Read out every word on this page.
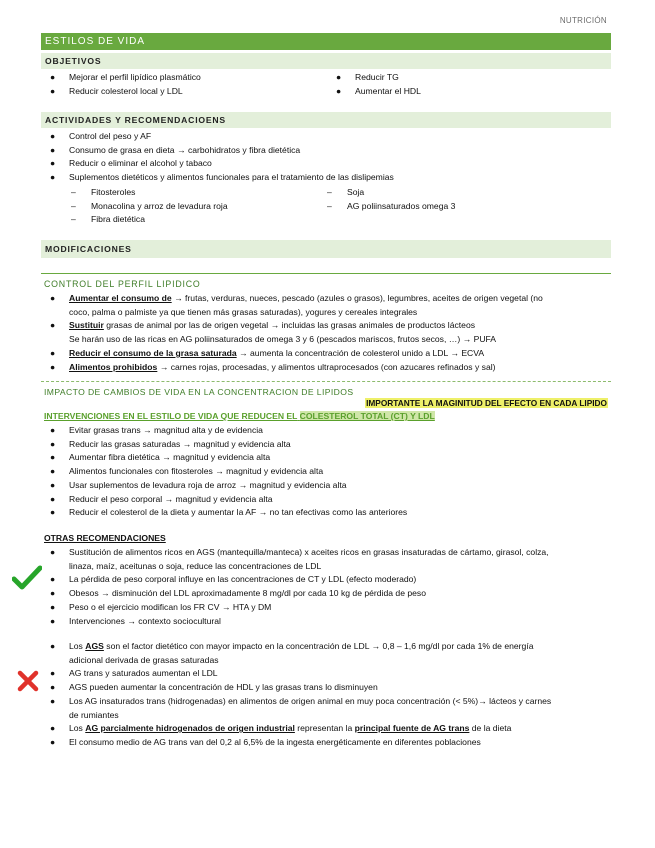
NUTRICIÓN
ESTILOS DE VIDA
OBJETIVOS
● Mejorar el perfil lipídico plasmático
● Reducir colesterol local y LDL
● Reducir TG
● Aumentar el HDL
ACTIVIDADES Y RECOMENDACIOENS
● Control del peso y AF
● Consumo de grasa en dieta → carbohidratos y fibra dietética
● Reducir o eliminar el alcohol y tabaco
● Suplementos dietéticos y alimentos funcionales para el tratamiento de las dislipemias
– Fitosteroles
– Monacolina y arroz de levadura roja
– Fibra dietética
– Soja
– AG poliinsaturados omega 3
MODIFICACIONES
CONTROL DEL PERFIL LIPIDICO
● Aumentar el consumo de → frutas, verduras, nueces, pescado (azules o grasos), legumbres, aceites de origen vegetal (no
coco, palma o palmiste ya que tienen más grasas saturadas), yogures y cereales integrales
● Sustituir grasas de animal por las de origen vegetal → incluidas las grasas animales de productos lácteos
Se harán uso de las ricas en AG poliinsaturados de omega 3 y 6 (pescados mariscos, frutos secos, …) → PUFA
● Reducir el consumo de la grasa saturada → aumenta la concentración de colesterol unido a LDL → ECVA
● Alimentos prohibidos → carnes rojas, procesadas, y alimentos ultraprocesados (con azucares refinados y sal)
IMPACTO DE CAMBIOS DE VIDA EN LA CONCENTRACION DE LIPIDOS
IMPORTANTE LA MAGINITUD DEL EFECTO EN CADA LIPIDO
INTERVENCIONES EN EL ESTILO DE VIDA QUE REDUCEN EL COLESTEROL TOTAL (CT) Y LDL
● Evitar grasas trans → magnitud alta y de evidencia
● Reducir las grasas saturadas → magnitud y evidencia alta
● Aumentar fibra dietética → magnitud y evidencia alta
● Alimentos funcionales con fitosteroles → magnitud y evidencia alta
● Usar suplementos de levadura roja de arroz → magnitud y evidencia alta
● Reducir el peso corporal → magnitud y evidencia alta
● Reducir el colesterol de la dieta y aumentar la AF → no tan efectivas como las anteriores
OTRAS RECOMENDACIONES
● Sustitución de alimentos ricos en AGS (mantequilla/manteca) x aceites ricos en grasas insaturadas de cártamo, girasol, colza,
linaza, maíz, aceitunas o soja, reduce las concentraciones de LDL
● La pérdida de peso corporal influye en las concentraciones de CT y LDL (efecto moderado)
● Obesos → disminución del LDL aproximadamente 8 mg/dl por cada 10 kg de pérdida de peso
● Peso o el ejercicio modifican los FR CV → HTA y DM
● Intervenciones → contexto sociocultural
● Los AGS son el factor dietético con mayor impacto en la concentración de LDL → 0,8 – 1,6 mg/dl por cada 1% de energía
adicional derivada de grasas saturadas
● AG trans y saturados aumentan el LDL
● AGS pueden aumentar la concentración de HDL y las grasas trans lo disminuyen
● Los AG insaturados trans (hidrogenadas) en alimentos de origen animal en muy poca concentración (< 5%)→ lácteos y carnes
de rumiantes
● Los AG parcialmente hidrogenados de origen industrial representan la principal fuente de AG trans de la dieta
● El consumo medio de AG trans van del 0,2 al 6,5% de la ingesta energéticamente en diferentes poblaciones
